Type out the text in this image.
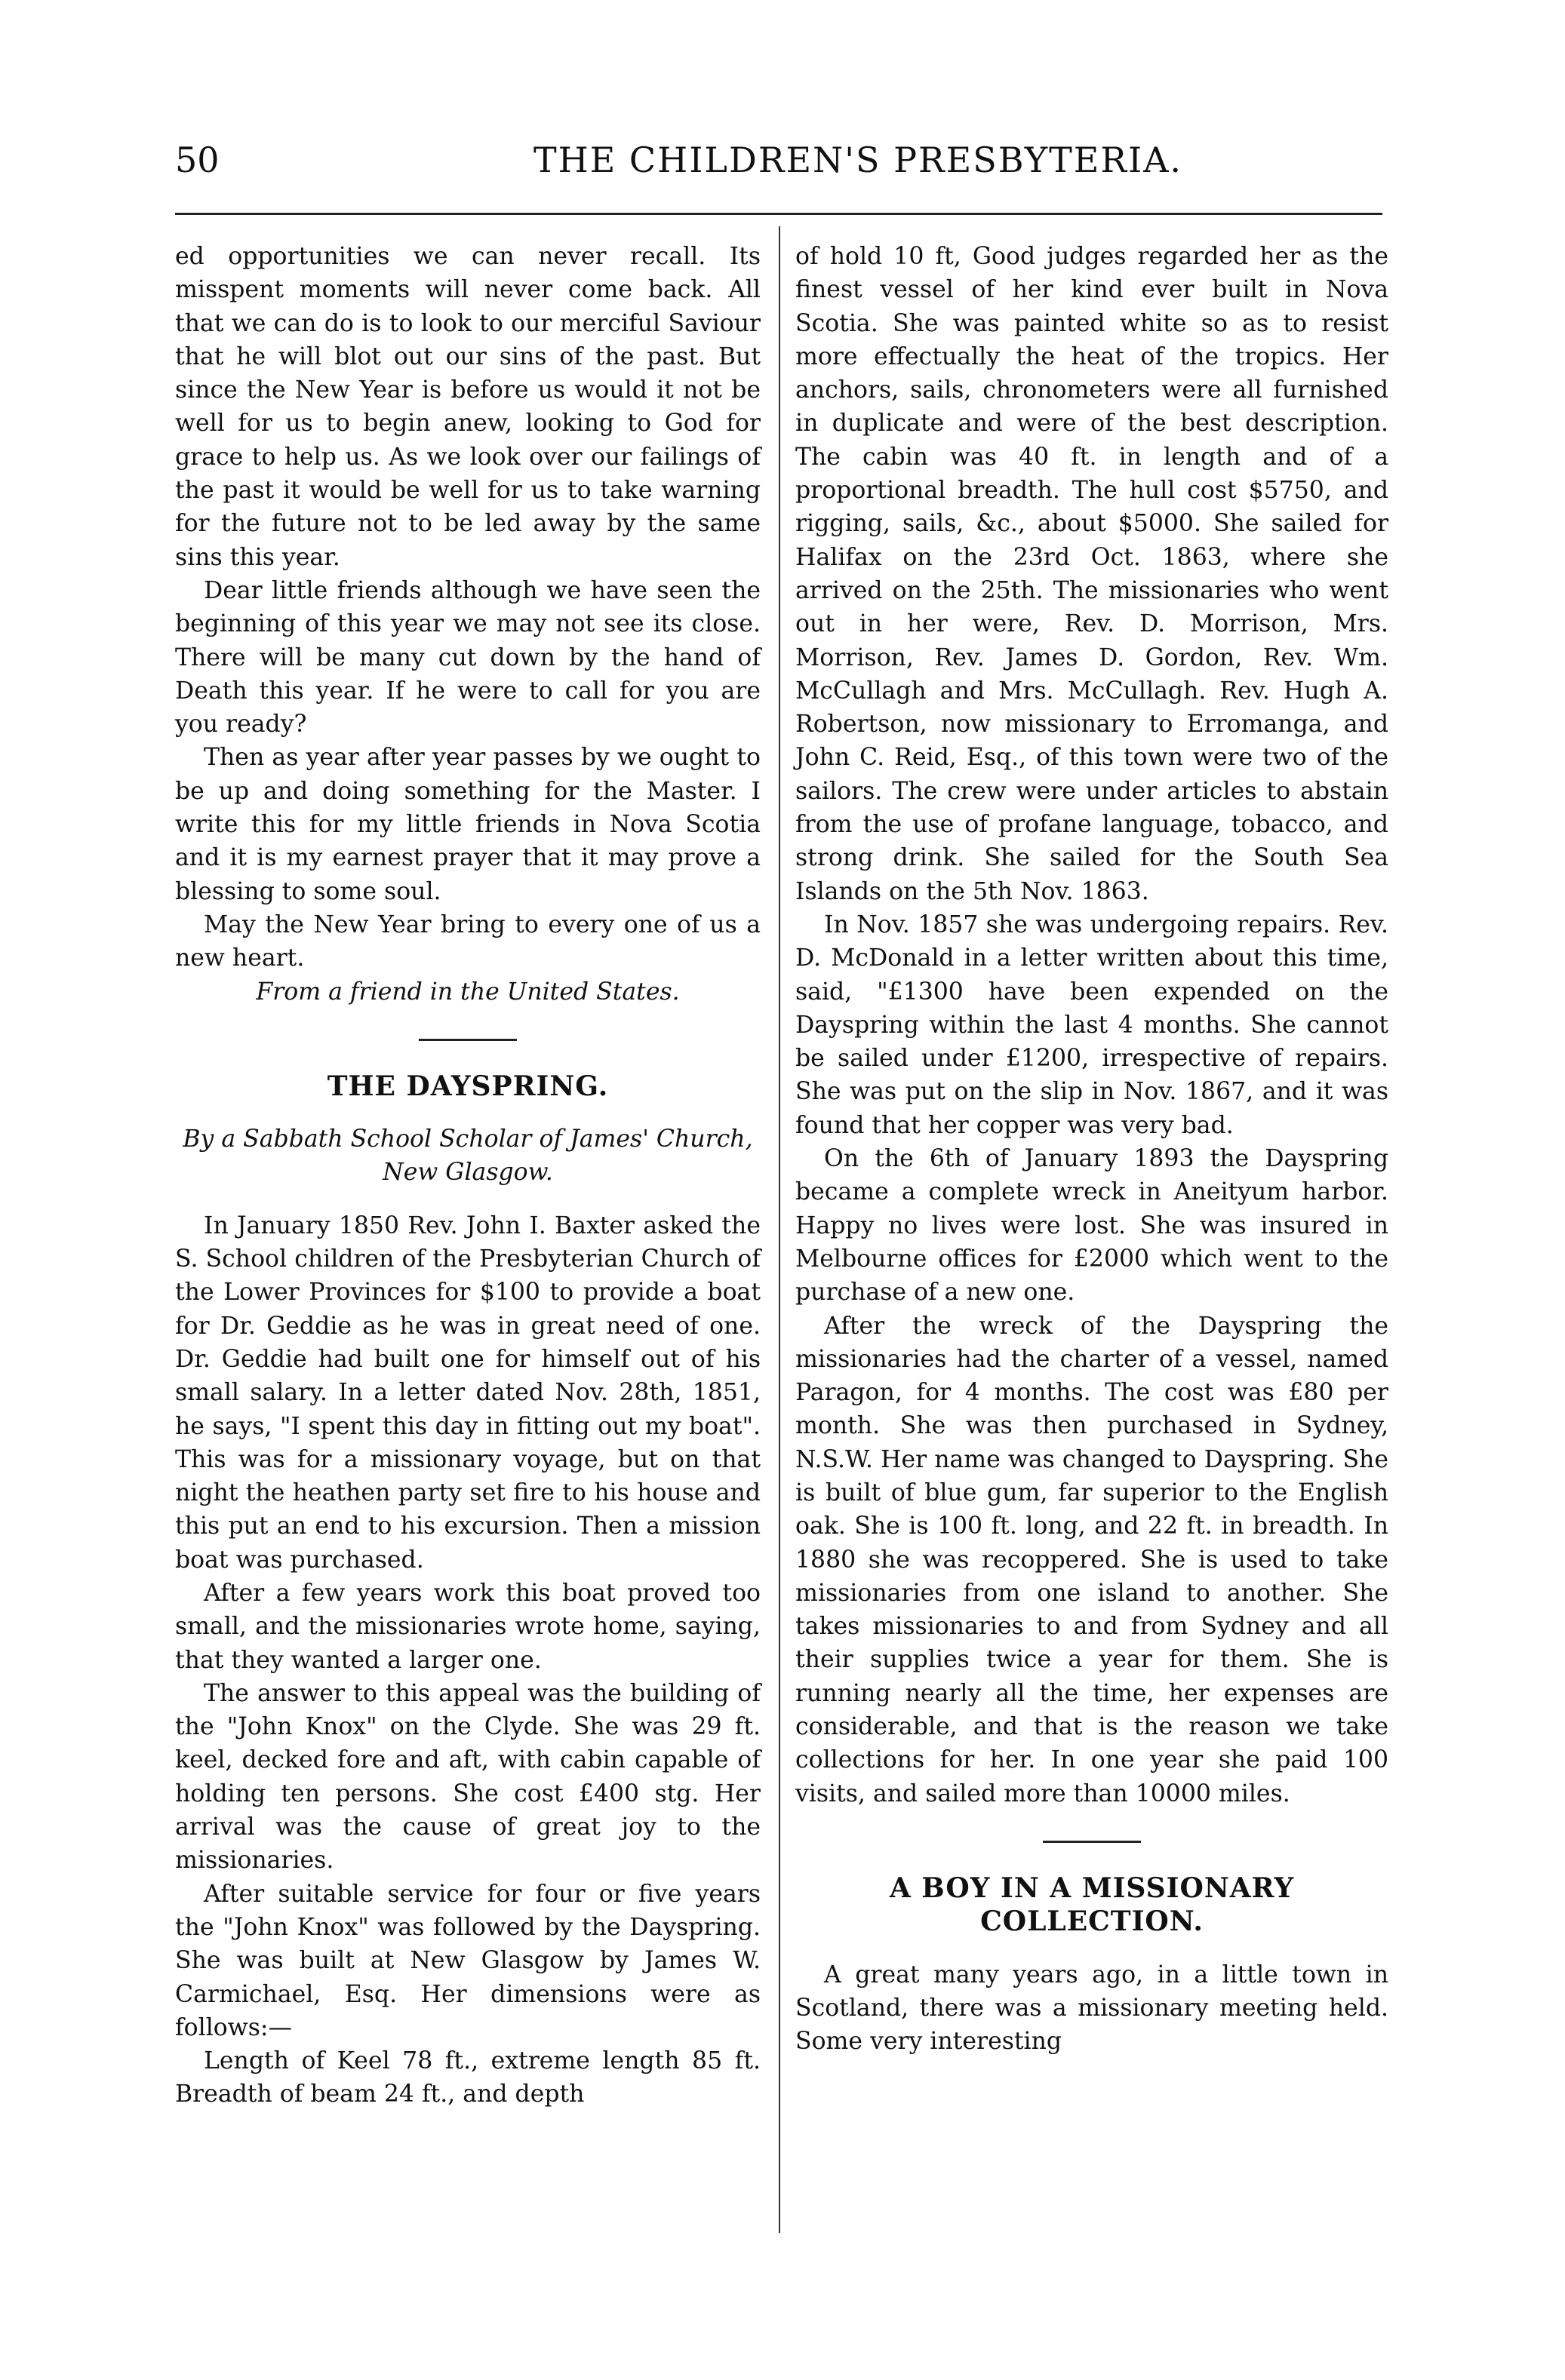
50	THE CHILDREN'S PRESBYTERIA.

ed opportunities we can never recall. Its misspent moments will never come back. All that we can do is to look to our merciful Saviour that he will blot out our sins of the past. But since the New Year is before us would it not be well for us to begin anew, looking to God for grace to help us. As we look over our failings of the past it would be well for us to take warning for the future not to be led away by the same sins this year.

Dear little friends although we have seen the beginning of this year we may not see its close. There will be many cut down by the hand of Death this year. If he were to call for you are you ready?

Then as year after year passes by we ought to be up and doing something for the Master. I write this for my little friends in Nova Scotia and it is my earnest prayer that it may prove a blessing to some soul.

May the New Year bring to every one of us a new heart.

From a friend in the United States.

THE DAYSPRING.

By a Sabbath School Scholar of James' Church, New Glasgow.

In January 1850 Rev. John I. Baxter asked the S. School children of the Presbyterian Church of the Lower Provinces for $100 to provide a boat for Dr. Geddie as he was in great need of one. Dr. Geddie had built one for himself out of his small salary. In a letter dated Nov. 28th, 1851, he says, "I spent this day in fitting out my boat". This was for a missionary voyage, but on that night the heathen party set fire to his house and this put an end to his excursion. Then a mission boat was purchased.

After a few years work this boat proved too small, and the missionaries wrote home, saying, that they wanted a larger one.

The answer to this appeal was the building of the "John Knox" on the Clyde. She was 29 ft. keel, decked fore and aft, with cabin capable of holding ten persons. She cost £400 stg. Her arrival was the cause of great joy to the missionaries.

After suitable service for four or five years the "John Knox" was followed by the Dayspring. She was built at New Glasgow by James W. Carmichael, Esq. Her dimensions were as follows:—

Length of Keel 78 ft., extreme length 85 ft. Breadth of beam 24 ft., and depth

of hold 10 ft, Good judges regarded her as the finest vessel of her kind ever built in Nova Scotia. She was painted white so as to resist more effectually the heat of the tropics. Her anchors, sails, chronometers were all furnished in duplicate and were of the best description. The cabin was 40 ft. in length and of a proportional breadth. The hull cost $5750, and rigging, sails, &c., about $5000. She sailed for Halifax on the 23rd Oct. 1863, where she arrived on the 25th. The missionaries who went out in her were, Rev. D. Morrison, Mrs. Morrison, Rev. James D. Gordon, Rev. Wm. McCullagh and Mrs. McCullagh. Rev. Hugh A. Robertson, now missionary to Erromanga, and John C. Reid, Esq., of this town were two of the sailors. The crew were under articles to abstain from the use of profane language, tobacco, and strong drink. She sailed for the South Sea Islands on the 5th Nov. 1863.

In Nov. 1857 she was undergoing repairs. Rev. D. McDonald in a letter written about this time, said, "£1300 have been expended on the Dayspring within the last 4 months. She cannot be sailed under £1200, irrespective of repairs. She was put on the slip in Nov. 1867, and it was found that her copper was very bad.

On the 6th of January 1893 the Dayspring became a complete wreck in Aneityum harbor. Happy no lives were lost. She was insured in Melbourne offices for £2000 which went to the purchase of a new one.

After the wreck of the Dayspring the missionaries had the charter of a vessel, named Paragon, for 4 months. The cost was £80 per month. She was then purchased in Sydney, N.S.W. Her name was changed to Dayspring. She is built of blue gum, far superior to the English oak. She is 100 ft. long, and 22 ft. in breadth. In 1880 she was recoppered. She is used to take missionaries from one island to another. She takes missionaries to and from Sydney and all their supplies twice a year for them. She is running nearly all the time, her expenses are considerable, and that is the reason we take collections for her. In one year she paid 100 visits, and sailed more than 10000 miles.

A BOY IN A MISSIONARY COLLECTION.

A great many years ago, in a little town in Scotland, there was a missionary meeting held. Some very interesting
